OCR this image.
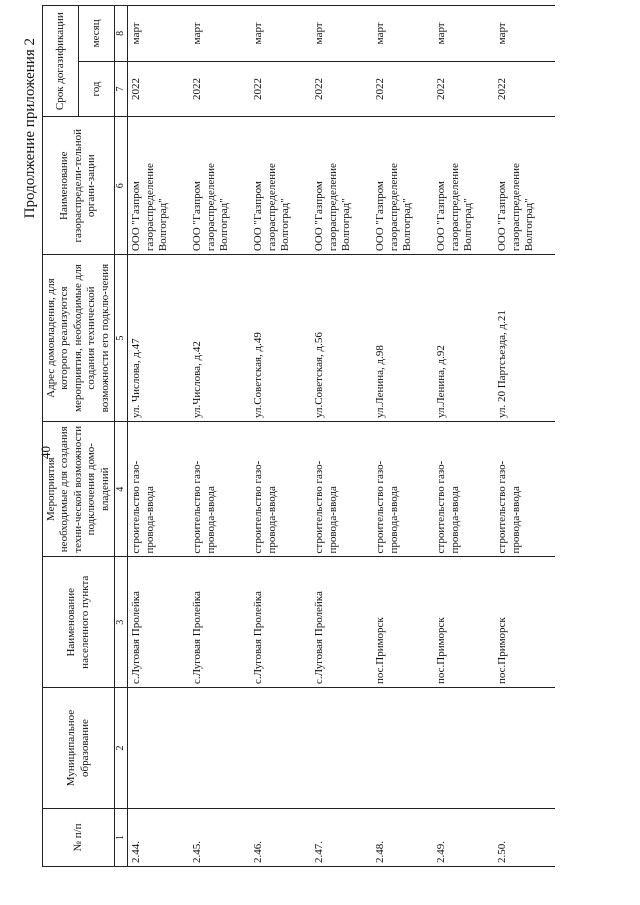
Продолжение приложения 2
40
№ п/п	Муниципальное образование	Наименование населенного пункта	Мероприятия необходимые для создания техни-ческой возможности подключения домо-владений	Адрес домовладения, для которого реализуются мероприятия, необходимые для создания технической возможности его подклю-чения	Наименование газораспредели-тельной органи-зации	Срок догазификации	
						год	месяц
1	2	3	4	5	6	7	8
2.44.		с.Луговая Пролейка	строительство газо-провода-ввода	ул. Числова, д.47	ООО "Газпром газораспределение Волгоград"	2022	март
2.45.		с.Луговая Пролейка	строительство газо-провода-ввода	ул.Числова, д.42	ООО "Газпром газораспределение Волгоград"	2022	март
2.46.		с.Луговая Пролейка	строительство газо-провода-ввода	ул.Советская, д.49	ООО "Газпром газораспределение Волгоград"	2022	март
2.47.		с.Луговая Пролейка	строительство газо-провода-ввода	ул.Советская, д.56	ООО "Газпром газораспределение Волгоград"	2022	март
2.48.		пос.Приморск	строительство газо-провода-ввода	ул.Ленина, д.98	ООО "Газпром газораспределение Волгоград"	2022	март
2.49.		пос.Приморск	строительство газо-провода-ввода	ул.Ленина, д.92	ООО "Газпром газораспределение Волгоград"	2022	март
2.50.		пос.Приморск	строительство газо-провода-ввода	ул. 20 Партсъезда, д.21	ООО "Газпром газораспределение Волгоград"	2022	март
